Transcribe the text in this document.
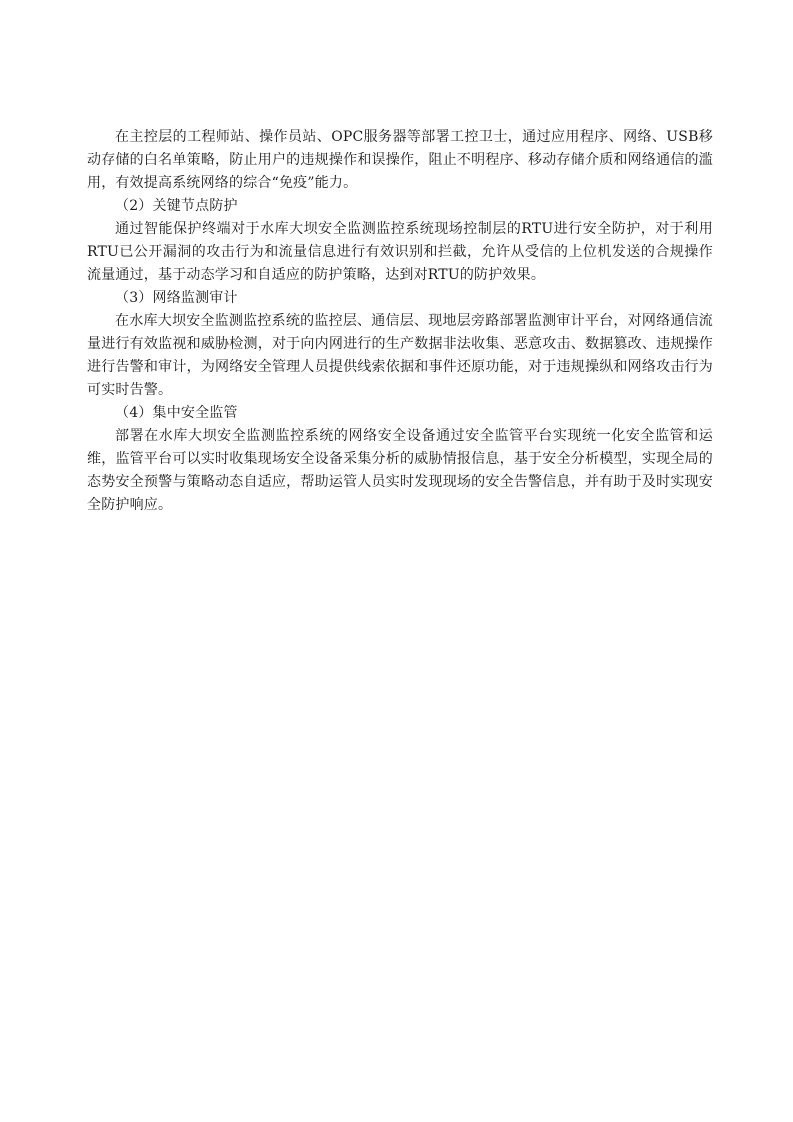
在主控层的工程师站、操作员站、OPC服务器等部署工控卫士，通过应用程序、网络、USB移动存储的白名单策略，防止用户的违规操作和误操作，阻止不明程序、移动存储介质和网络通信的滥用，有效提高系统网络的综合“免疫”能力。

（2）关键节点防护

通过智能保护终端对于水库大坝安全监测监控系统现场控制层的RTU进行安全防护，对于利用RTU已公开漏洞的攻击行为和流量信息进行有效识别和拦截，允许从受信的上位机发送的合规操作流量通过，基于动态学习和自适应的防护策略，达到对RTU的防护效果。

（3）网络监测审计

在水库大坝安全监测监控系统的监控层、通信层、现地层旁路部署监测审计平台，对网络通信流量进行有效监视和威胁检测，对于向内网进行的生产数据非法收集、恶意攻击、数据篡改、违规操作进行告警和审计，为网络安全管理人员提供线索依据和事件还原功能，对于违规操纵和网络攻击行为可实时告警。

（4）集中安全监管

部署在水库大坝安全监测监控系统的网络安全设备通过安全监管平台实现统一化安全监管和运维，监管平台可以实时收集现场安全设备采集分析的威胁情报信息，基于安全分析模型，实现全局的态势安全预警与策略动态自适应，帮助运管人员实时发现现场的安全告警信息，并有助于及时实现安全防护响应。
